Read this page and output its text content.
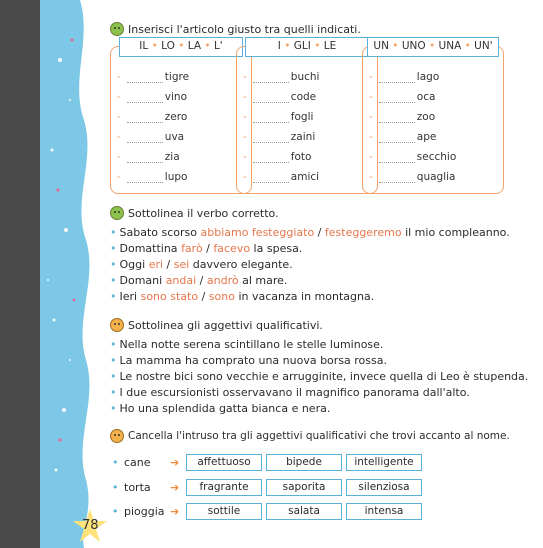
78
Inserisci l'articolo giusto tra quelli indicati.
IL • LO • LA • L'
-	tigre
-	vino
-	zero
-	uva
-	zia
-	lupo
I • GLI • LE
-	buchi
-	code
-	fogli
-	zaini
-	foto
-	amici
UN • UNO • UNA • UN'
-	lago
-	oca
-	zoo
-	ape
-	secchio
-	quaglia
Sottolinea il verbo corretto.
• Sabato scorso abbiamo festeggiato / festeggeremo il mio compleanno.
• Domattina farò / facevo la spesa.
• Oggi eri / sei davvero elegante.
• Domani andai / andrò al mare.
• Ieri sono stato / sono in vacanza in montagna.
Sottolinea gli aggettivi qualificativi.
• Nella notte serena scintillano le stelle luminose.
• La mamma ha comprato una nuova borsa rossa.
• Le nostre bici sono vecchie e arrugginite, invece quella di Leo è stupenda.
• I due escursionisti osservavano il magnifico panorama dall'alto.
• Ho una splendida gatta bianca e nera.
Cancella l'intruso tra gli aggettivi qualificativi che trovi accanto al nome.
• cane	➔	affettuoso	bipede	intelligente
• torta	➔	fragrante	saporita	silenziosa
• pioggia ➔	sottile	salata	intensa
